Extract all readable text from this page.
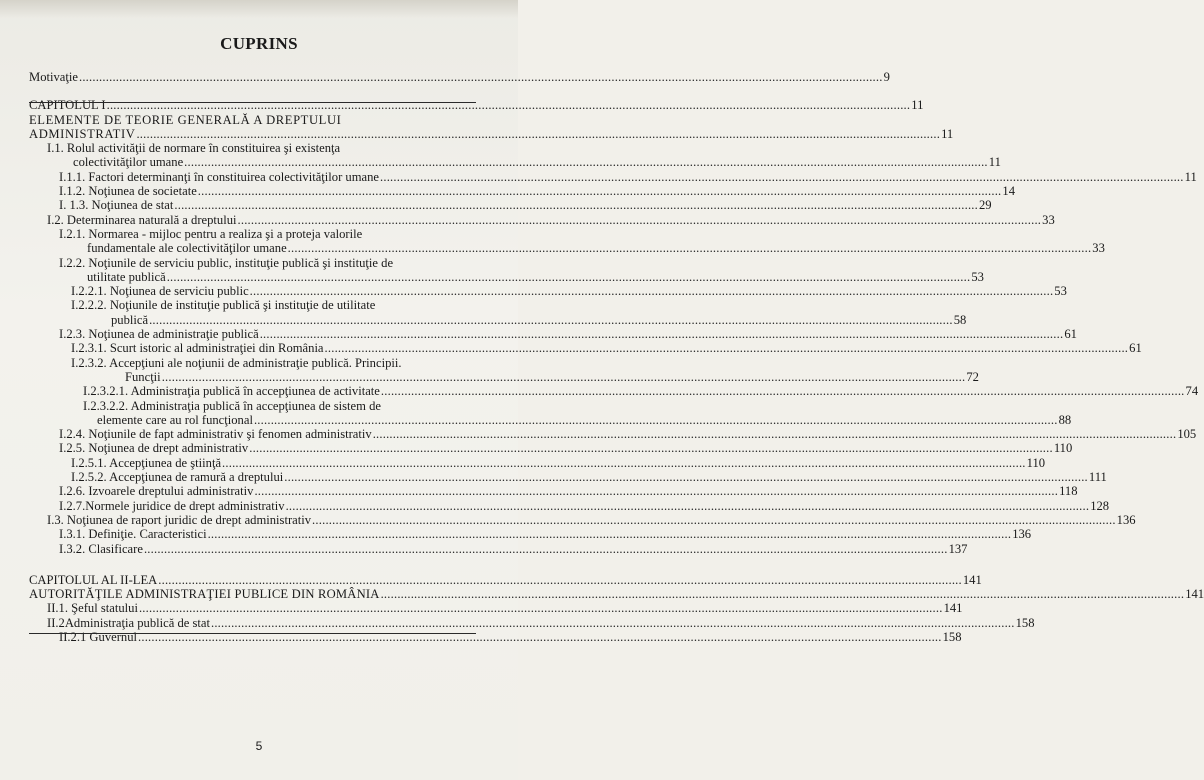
CUPRINS
Motivaţie .....	9
CAPITOLUL I .....	11
ELEMENTE DE TEORIE GENERALĂ A DREPTULUI
ADMINISTRATIV .....	11
I.1. Rolul activităţii de normare în constituirea şi existenţa
colectivităţilor umane .....	11
I.1.1. Factori determinanţi în constituirea colectivităţilor umane .....	11
I.1.2. Noţiunea de societate .....	14
I. 1.3. Noţiunea de stat .....	29
I.2. Determinarea naturală a dreptului .....	33
I.2.1. Normarea - mijloc pentru a realiza şi a proteja valorile
fundamentale ale colectivităţilor umane .....	33
I.2.2. Noţiunile de serviciu public, instituţie publică şi instituţie de
utilitate publică .....	53
I.2.2.1. Noţiunea de serviciu public .....	53
I.2.2.2. Noţiunile de instituţie publică şi instituţie de utilitate
publică .....	58
I.2.3. Noţiunea de administraţie publică .....	61
I.2.3.1. Scurt istoric al administraţiei din România .....	61
I.2.3.2. Accepţiuni ale noţiunii de administraţie publică. Principii.
Funcţii .....	72
I.2.3.2.1. Administraţia publică în accepţiunea de activitate .....	74
I.2.3.2.2. Administraţia publică în accepţiunea de sistem de
elemente care au rol funcţional .....	88
I.2.4. Noţiunile de fapt administrativ şi fenomen administrativ .....	105
I.2.5. Noţiunea de drept administrativ .....	110
I.2.5.1. Accepţiunea de ştiinţă .....	110
I.2.5.2. Accepţiunea de ramură a dreptului .....	111
I.2.6. Izvoarele dreptului administrativ .....	118
I.2.7.Normele juridice de drept administrativ .....	128
I.3. Noţiunea de raport juridic de drept administrativ .....	136
I.3.1. Definiţie. Caracteristici .....	136
I.3.2. Clasificare .....	137
CAPITOLUL AL II-LEA .....	141
AUTORITĂŢILE ADMINISTRAŢIEI PUBLICE DIN ROMÂNIA .....	141
II.1. Şeful statului .....	141
II.2Administraţia publică de stat .....	158
II.2.1 Guvernul .....	158
5
